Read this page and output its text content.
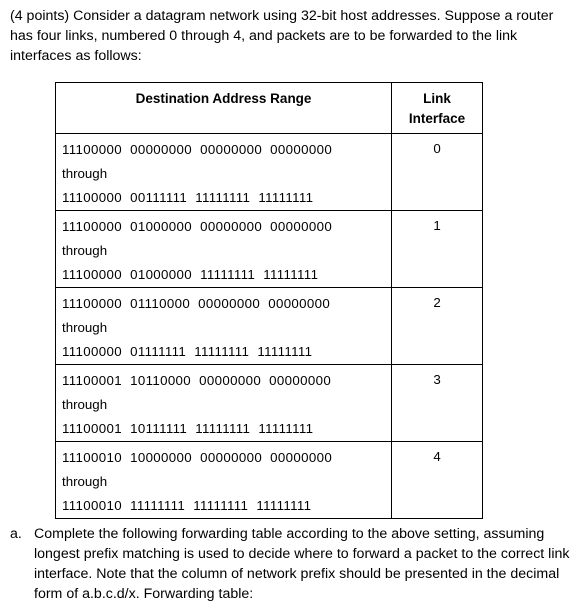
(4 points) Consider a datagram network using 32-bit host addresses. Suppose a router has four links, numbered 0 through 4, and packets are to be forwarded to the link interfaces as follows:

Destination Address Range	Link Interface

11100000  00000000  00000000  00000000
through
11100000  00111111  11111111  11111111	0

11100000  01000000  00000000  00000000
through
11100000  01000000  11111111  11111111	1

11100000  01110000  00000000  00000000
through
11100000  01111111  11111111  11111111	2

11100001  10110000  00000000  00000000
through
11100001  10111111  11111111  11111111	3

11100010  10000000  00000000  00000000
through
11100010  11111111  11111111  11111111	4
a. Complete the following forwarding table according to the above setting, assuming longest prefix matching is used to decide where to forward a packet to the correct link interface. Note that the column of network prefix should be presented in the decimal form of a.b.c.d/x. Forwarding table:
